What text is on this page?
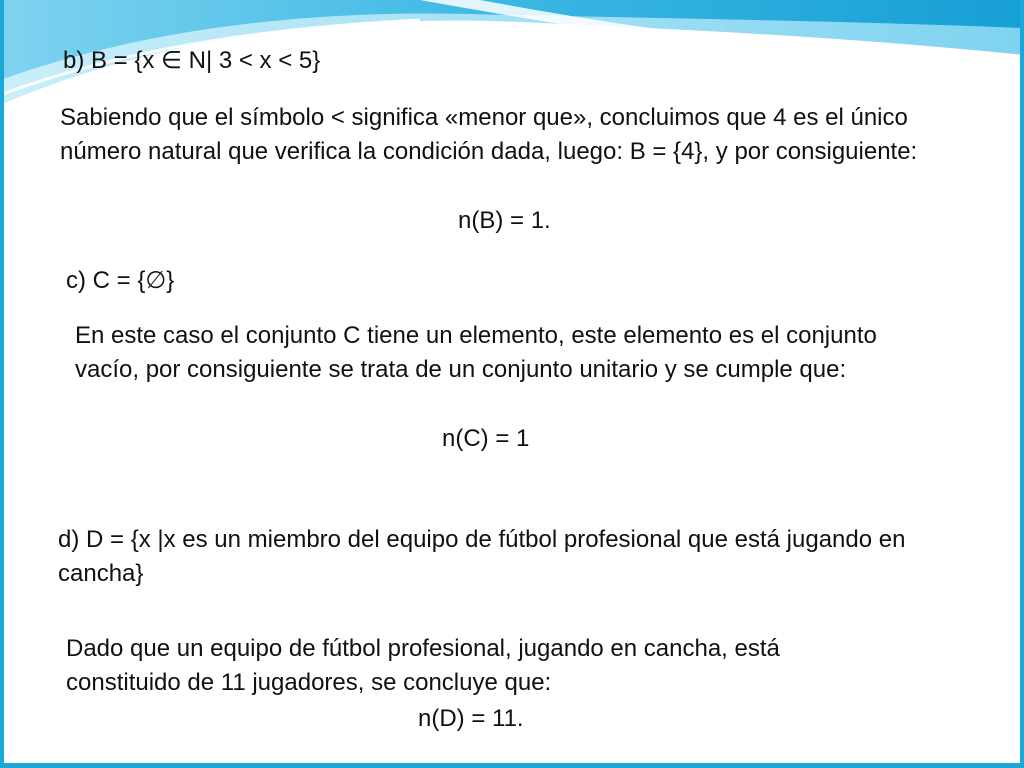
b) B = {x ∈ N| 3 < x < 5}
Sabiendo que el símbolo < significa «menor que», concluimos que 4 es el único número natural que verifica la condición dada, luego: B = {4}, y por consiguiente:
n(B) = 1.
c) C = {∅}
En este caso el conjunto C tiene un elemento, este elemento es el conjunto vacío, por consiguiente se trata de un conjunto unitario y se cumple que:
n(C) = 1
d) D = {x |x es un miembro del equipo de fútbol profesional que está jugando en cancha}
Dado que un equipo de fútbol profesional, jugando en cancha, está constituido de 11 jugadores, se concluye que:
n(D) = 11.
